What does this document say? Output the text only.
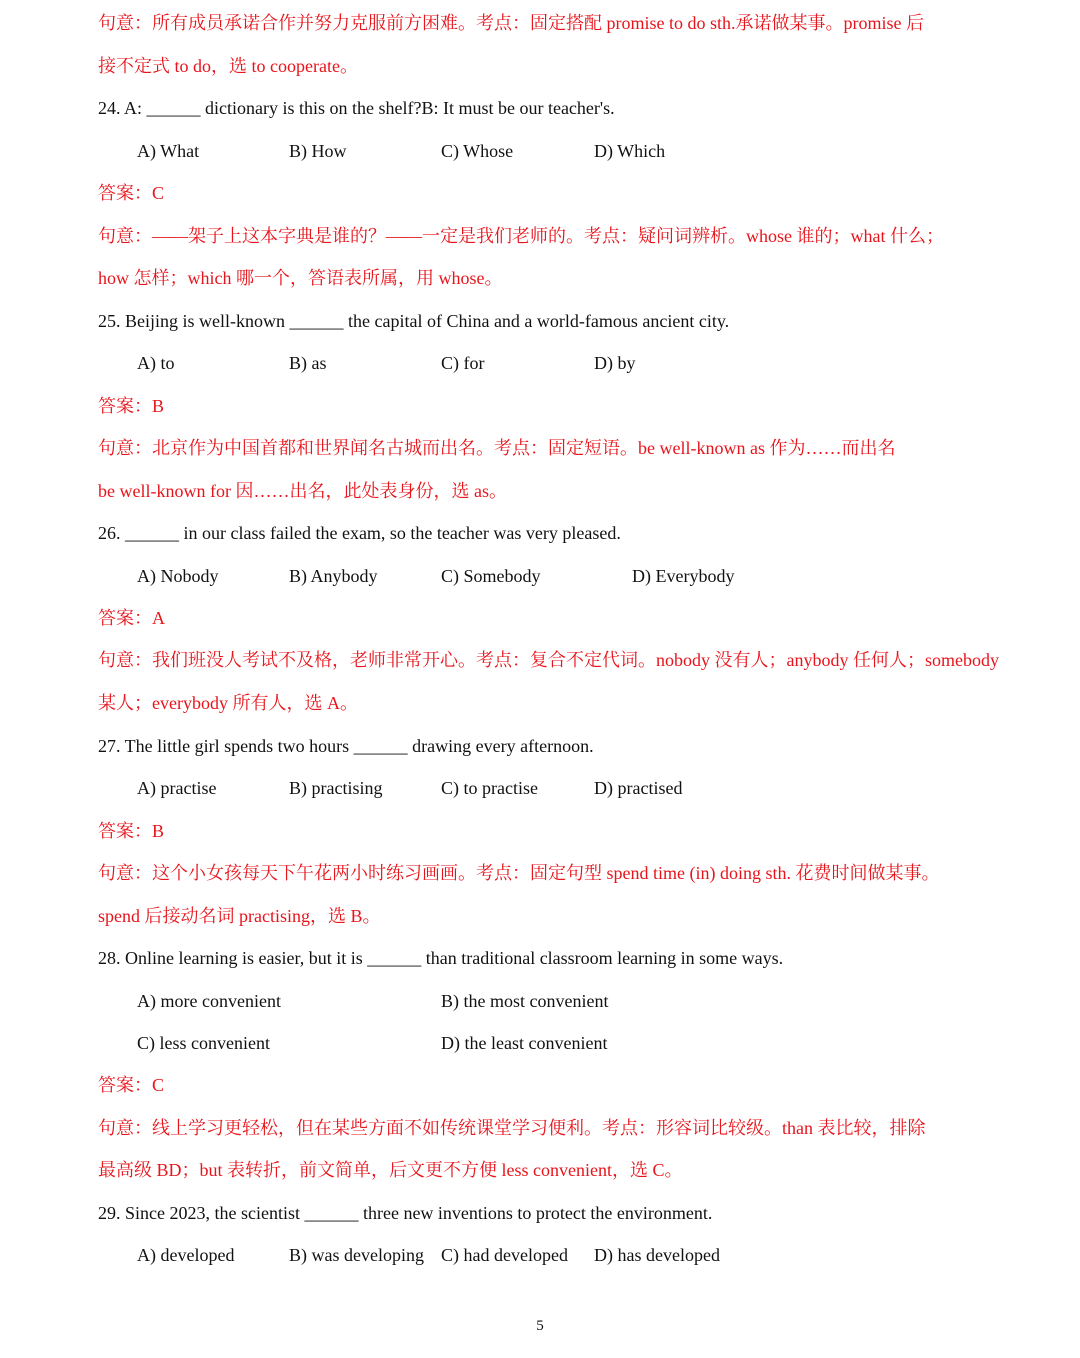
句意：所有成员承诺合作并努力克服前方困难。考点：固定搭配 promise to do sth.承诺做某事。promise 后
接不定式 to do，选 to cooperate。
24. A: ______ dictionary is this on the shelf?B: It must be our teacher's.
A) What	B) How	C) Whose	D) Which
答案：C
句意：——架子上这本字典是谁的？——一定是我们老师的。考点：疑问词辨析。whose 谁的；what 什么；
how 怎样；which 哪一个，答语表所属，用 whose。
25. Beijing is well-known ______ the capital of China and a world-famous ancient city.
A) to	B) as	C) for	D) by
答案：B
句意：北京作为中国首都和世界闻名古城而出名。考点：固定短语。be well-known as 作为……而出名
be well-known for 因……出名，此处表身份，选 as。
26. ______ in our class failed the exam, so the teacher was very pleased.
A) Nobody	B) Anybody	C) Somebody	D) Everybody
答案：A
句意：我们班没人考试不及格，老师非常开心。考点：复合不定代词。nobody 没有人；anybody 任何人；somebody
某人；everybody 所有人，选 A。
27. The little girl spends two hours ______ drawing every afternoon.
A) practise	B) practising	C) to practise	D) practised
答案：B
句意：这个小女孩每天下午花两小时练习画画。考点：固定句型 spend time (in) doing sth. 花费时间做某事。
spend 后接动名词 practising，选 B。
28. Online learning is easier, but it is ______ than traditional classroom learning in some ways.
A) more convenient	B) the most convenient
C) less convenient	D) the least convenient
答案：C
句意：线上学习更轻松，但在某些方面不如传统课堂学习便利。考点：形容词比较级。than 表比较，排除
最高级 BD；but 表转折，前文简单，后文更不方便 less convenient，选 C。
29. Since 2023, the scientist ______ three new inventions to protect the environment.
A) developed	B) was developing C) had developed D) has developed
5
